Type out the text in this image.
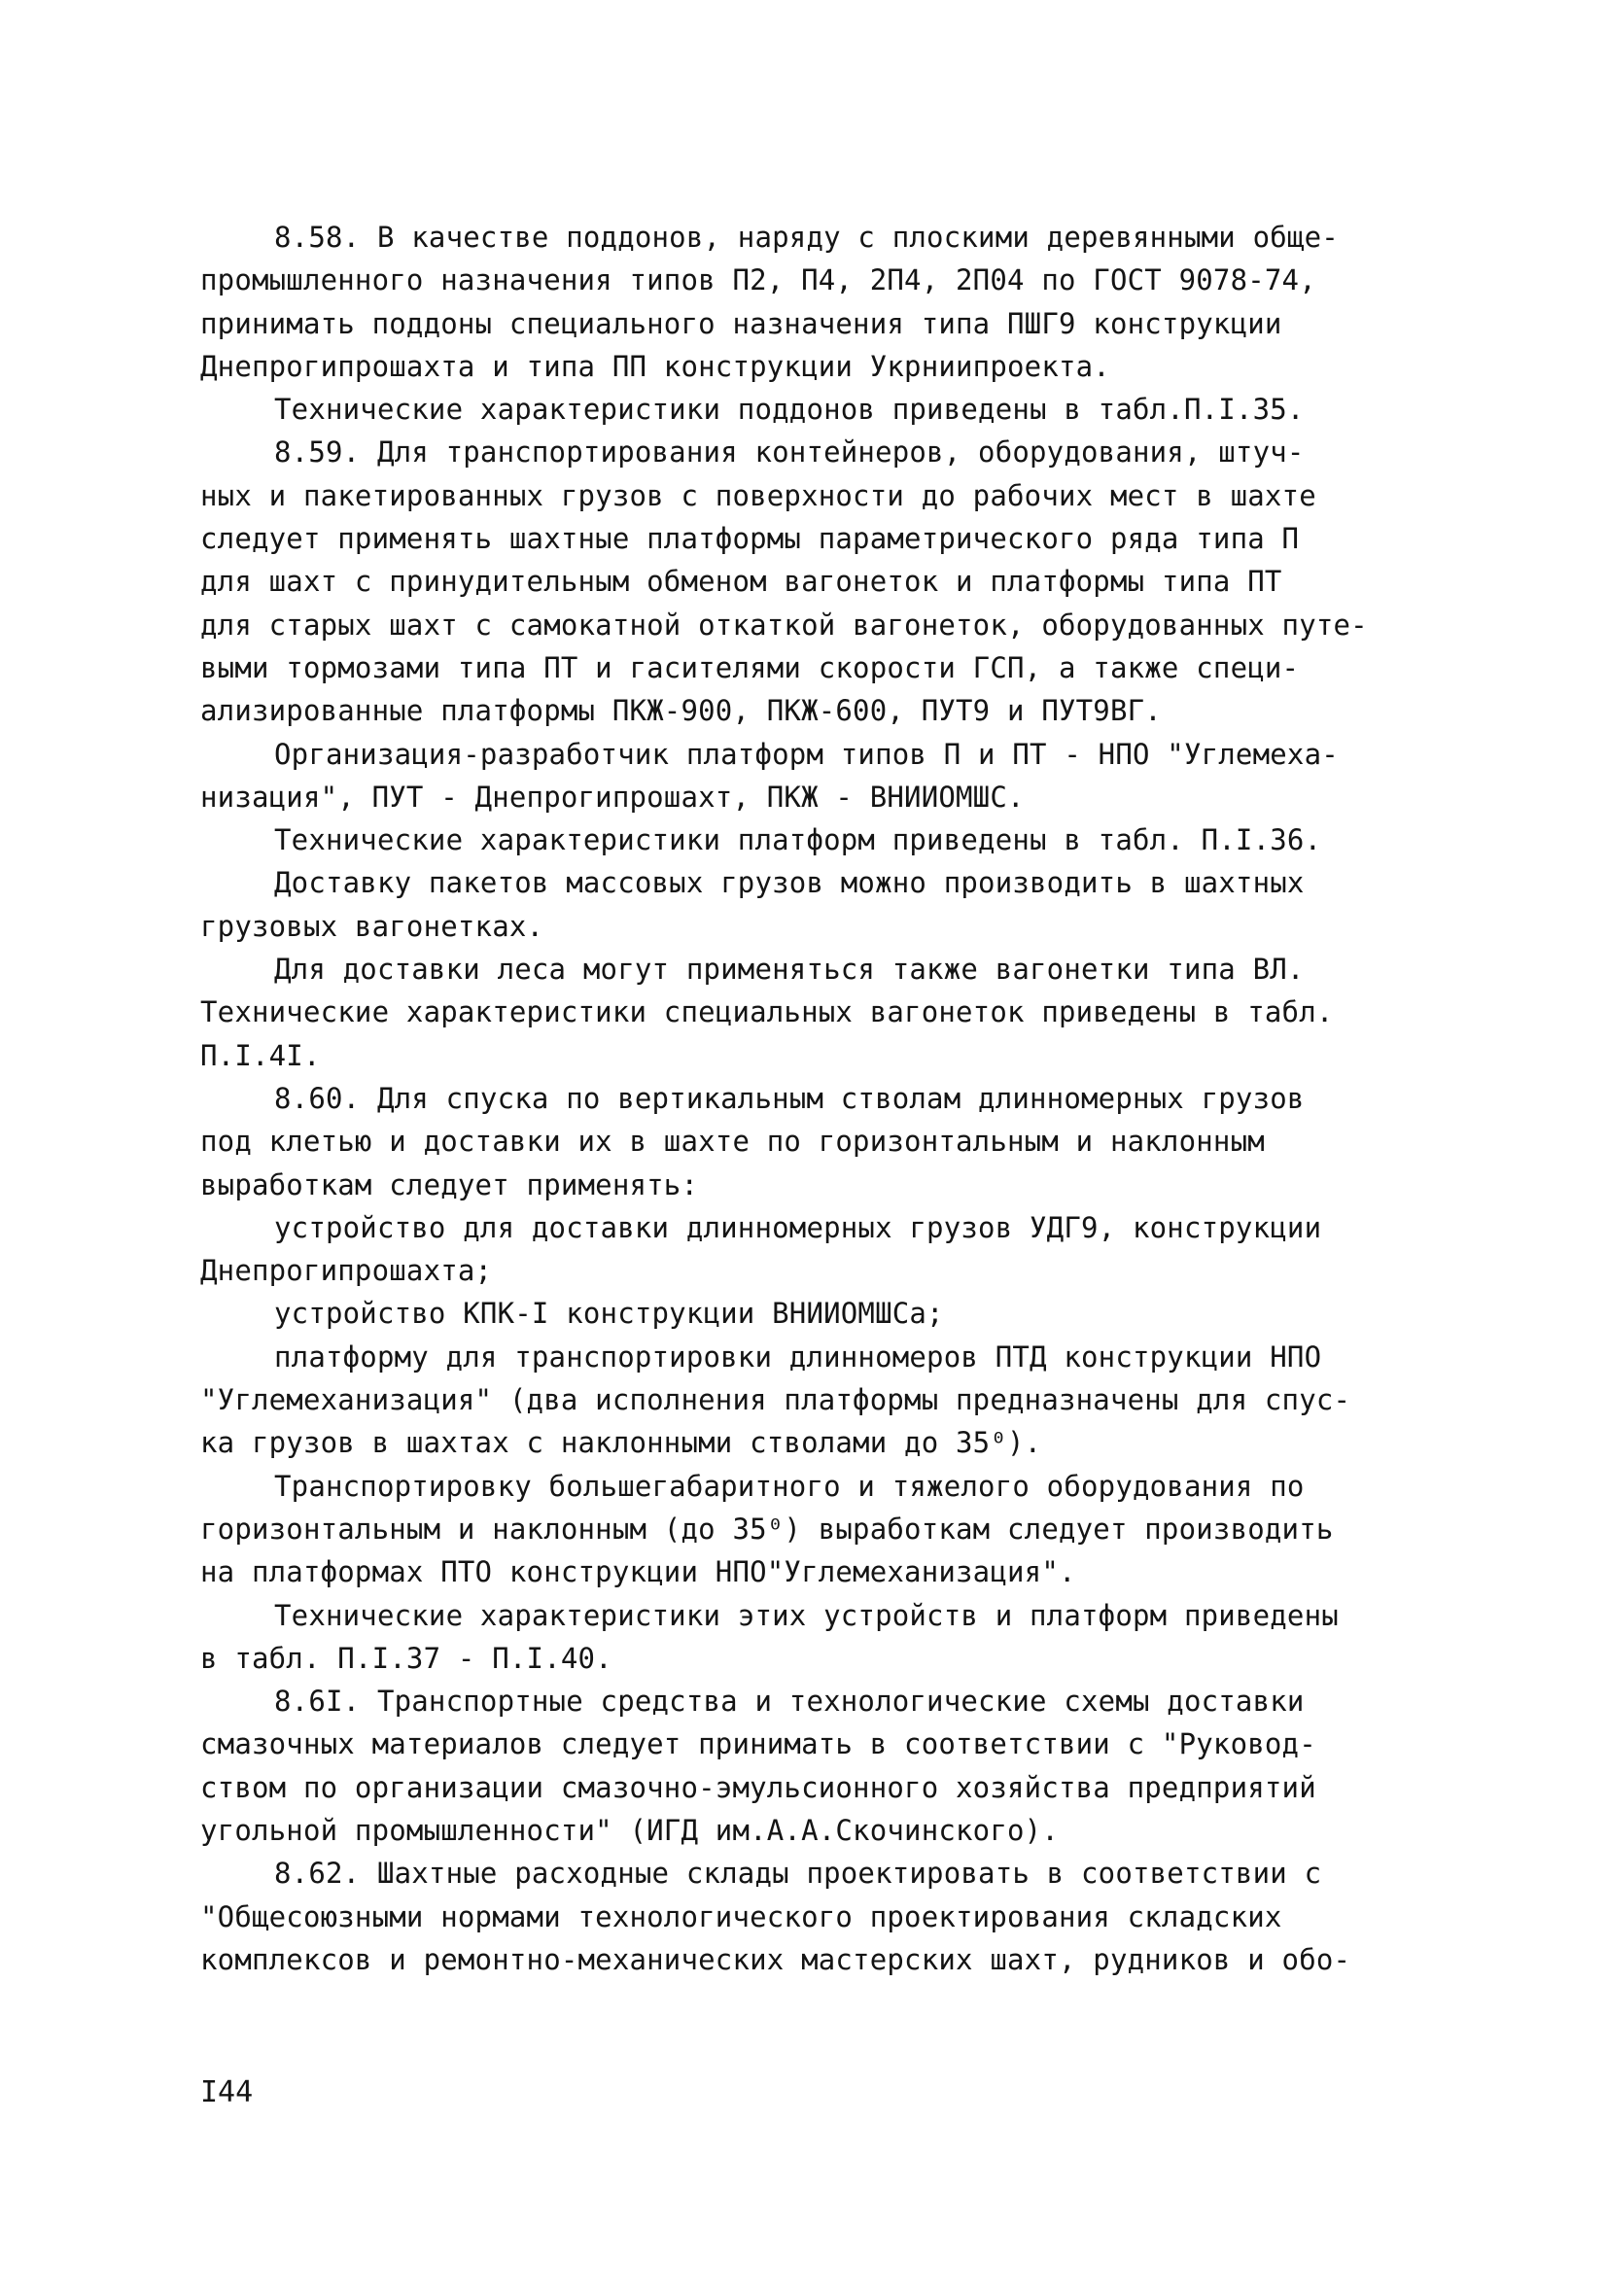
8.58. В качестве поддонов, наряду с плоскими деревянными обще-
промышленного назначения типов П2, П4, 2П4, 2П04 по ГОСТ 9078-74,
принимать поддоны специального назначения типа ПШГ9 конструкции
Днепрогипрошахта и типа ПП конструкции Укрниипроекта.
Технические характеристики поддонов приведены в табл.П.I.35.
8.59. Для транспортирования контейнеров, оборудования, штуч-
ных и пакетированных грузов с поверхности до рабочих мест в шахте
следует применять шахтные платформы параметрического ряда типа П
для шахт с принудительным обменом вагонеток и платформы типа ПТ
для старых шахт с самокатной откаткой вагонеток, оборудованных путе-
выми тормозами типа ПТ и гасителями скорости ГСП, а также специ-
ализированные платформы ПКЖ-900, ПКЖ-600, ПУТ9 и ПУТ9ВГ.
Организация-разработчик платформ типов П и ПТ - НПО "Углемеха-
низация", ПУТ - Днепрогипрошахт, ПКЖ - ВНИИОМШС.
Технические характеристики платформ приведены в табл. П.I.36.
Доставку пакетов массовых грузов можно производить в шахтных
грузовых вагонетках.
Для доставки леса могут применяться также вагонетки типа ВЛ.
Технические характеристики специальных вагонеток приведены в табл.
П.I.4I.
8.60. Для спуска по вертикальным стволам длинномерных грузов
под клетью и доставки их в шахте по горизонтальным и наклонным
выработкам следует применять:
устройство для доставки длинномерных грузов УДГ9, конструкции
Днепрогипрошахта;
устройство КПК-I конструкции ВНИИОМШСа;
платформу для транспортировки длинномеров ПТД конструкции НПО
"Углемеханизация" (два исполнения платформы предназначены для спус-
ка грузов в шахтах с наклонными стволами до 35⁰).
Транспортировку большегабаритного и тяжелого оборудования по
горизонтальным и наклонным (до 35⁰) выработкам следует производить
на платформах ПТО конструкции НПО"Углемеханизация".
Технические характеристики этих устройств и платформ приведены
в табл. П.I.37 - П.I.40.
8.6I. Транспортные средства и технологические схемы доставки
смазочных материалов следует принимать в соответствии с "Руковод-
ством по организации смазочно-эмульсионного хозяйства предприятий
угольной промышленности" (ИГД им.А.А.Скочинского).
8.62. Шахтные расходные склады проектировать в соответствии с
"Общесоюзными нормами технологического проектирования складских
комплексов и ремонтно-механических мастерских шахт, рудников и обо-
I44
